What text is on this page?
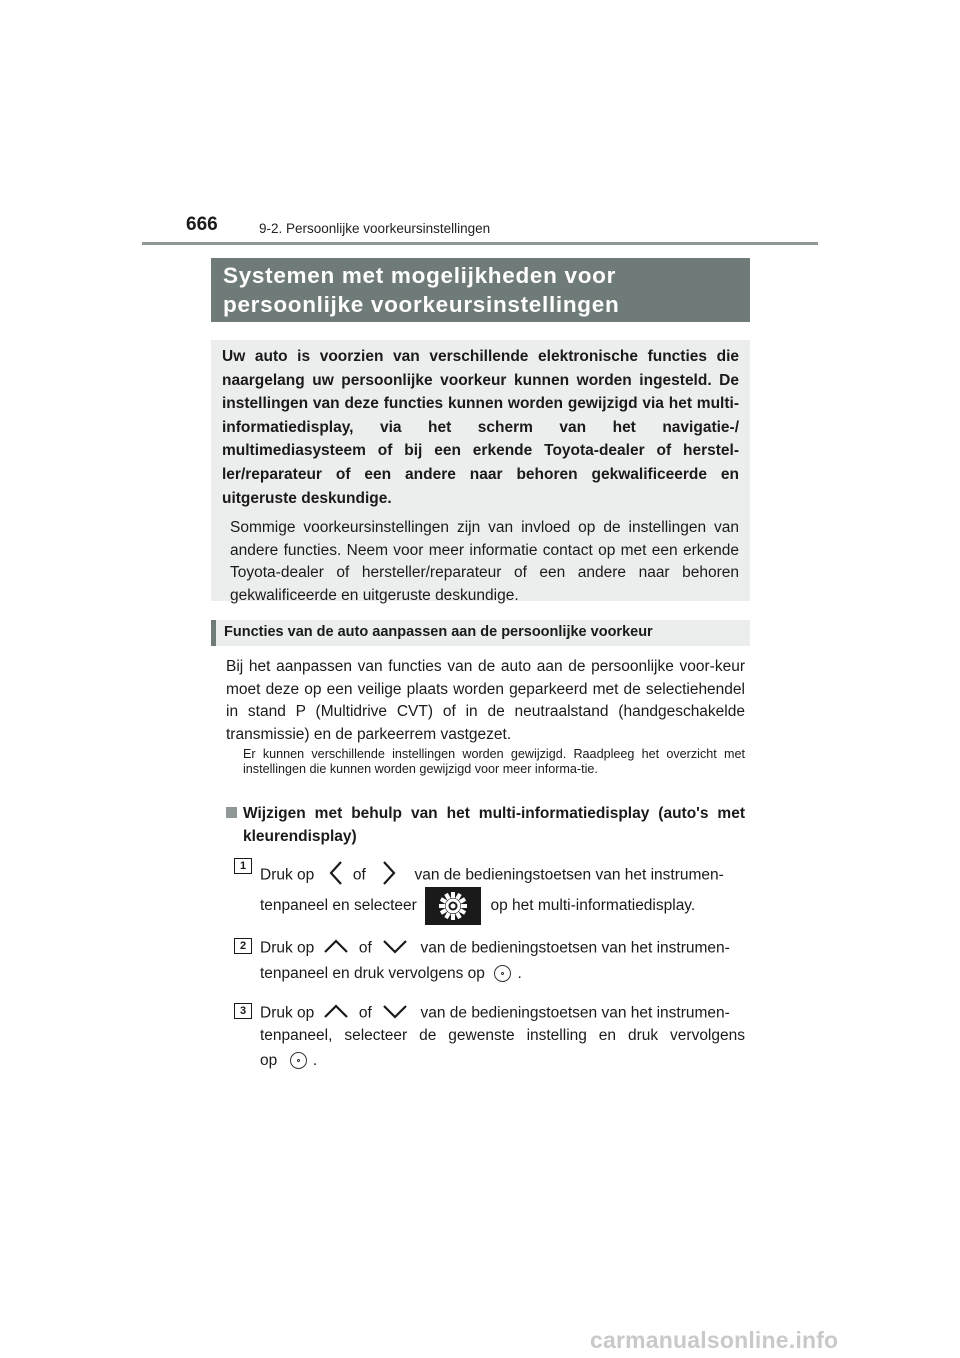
666	9-2. Persoonlijke voorkeursinstellingen
Systemen met mogelijkheden voor
persoonlijke voorkeursinstellingen
Uw auto is voorzien van verschillende elektronische functies die naargelang uw persoonlijke voorkeur kunnen worden ingesteld. De instellingen van deze functies kunnen worden gewijzigd via het multi-informatiedisplay, via het scherm van het navigatie-/ multimediasysteem of bij een erkende Toyota-dealer of herstel-ler/reparateur of een andere naar behoren gekwalificeerde en uitgeruste deskundige.
Sommige voorkeursinstellingen zijn van invloed op de instellingen van andere functies. Neem voor meer informatie contact op met een erkende Toyota-dealer of hersteller/reparateur of een andere naar behoren gekwalificeerde en uitgeruste deskundige.
Functies van de auto aanpassen aan de persoonlijke voorkeur
Bij het aanpassen van functies van de auto aan de persoonlijke voor-keur moet deze op een veilige plaats worden geparkeerd met de selectiehendel in stand P (Multidrive CVT) of in de neutraalstand (handgeschakelde transmissie) en de parkeerrem vastgezet.
Er kunnen verschillende instellingen worden gewijzigd. Raadpleeg het overzicht met instellingen die kunnen worden gewijzigd voor meer informa-tie.
Wijzigen met behulp van het multi-informatiedisplay (auto's met kleurendisplay)
1
Druk op of	van de bedieningstoetsen van het instrumen-
tenpaneel en selecteer	op het multi-informatiedisplay.
2 Druk op	of	van de bedieningstoetsen van het instrumen-
tenpaneel en druk vervolgens op .
3 Druk op	of	van de bedieningstoetsen van het instrumen-
tenpaneel, selecteer de gewenste instelling en druk vervolgens
op .
carmanualsonline.info
